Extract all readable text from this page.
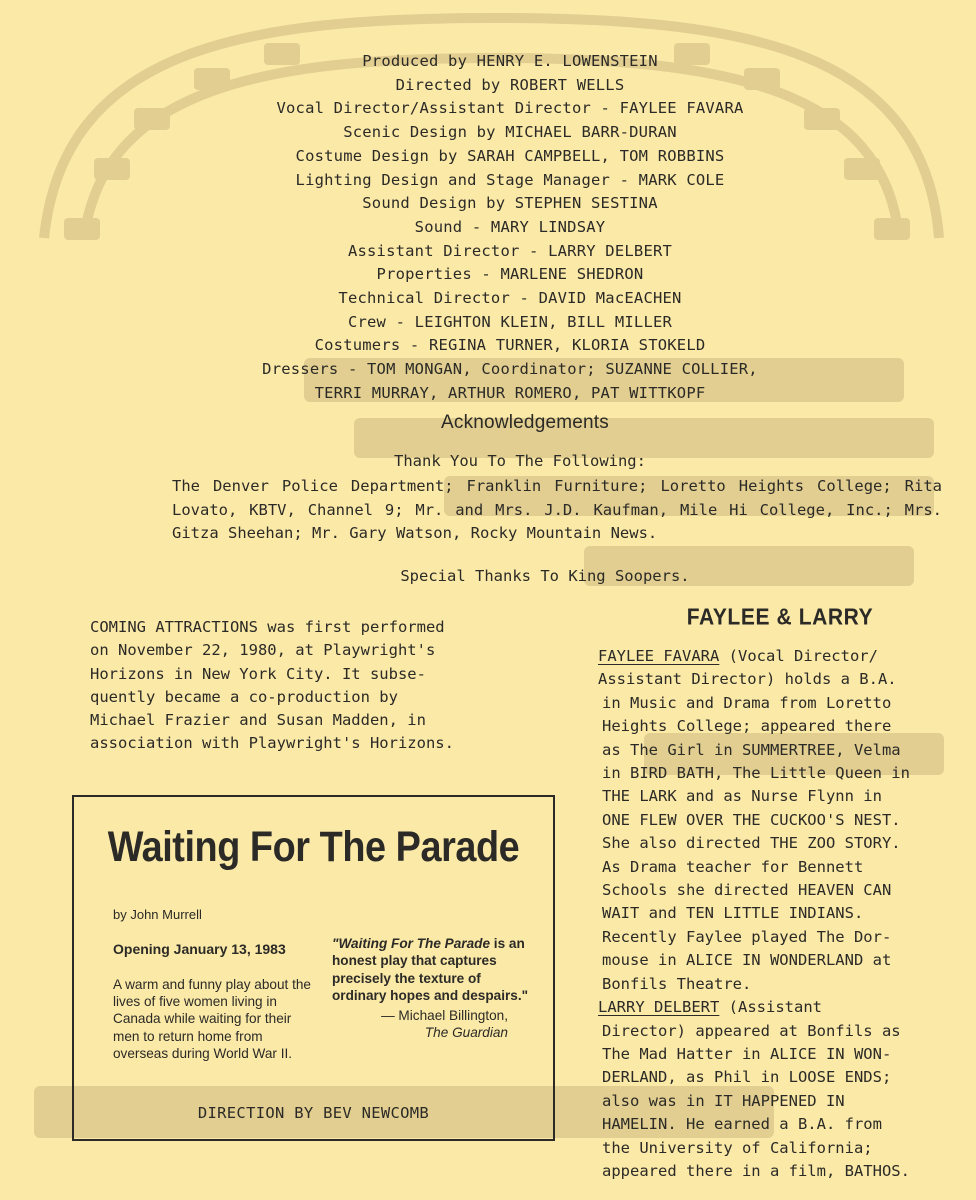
Produced by HENRY E. LOWENSTEIN
Directed by ROBERT WELLS
Vocal Director/Assistant Director - FAYLEE FAVARA
Scenic Design by MICHAEL BARR-DURAN
Costume Design by SARAH CAMPBELL, TOM ROBBINS
Lighting Design and Stage Manager - MARK COLE
Sound Design by STEPHEN SESTINA
Sound - MARY LINDSAY
Assistant Director - LARRY DELBERT
Properties - MARLENE SHEDRON
Technical Director - DAVID MacEACHEN
Crew - LEIGHTON KLEIN, BILL MILLER
Costumers - REGINA TURNER, KLORIA STOKELD
Dressers - TOM MONGAN, Coordinator; SUZANNE COLLIER,
TERRI MURRAY, ARTHUR ROMERO, PAT WITTKOPF
Acknowledgements
Thank You To The Following:
The Denver Police Department; Franklin Furniture; Loretto Heights College; Rita Lovato, KBTV, Channel 9; Mr. and Mrs. J.D. Kaufman, Mile Hi College, Inc.; Mrs. Gitza Sheehan; Mr. Gary Watson, Rocky Mountain News.
Special Thanks To King Soopers.
COMING ATTRACTIONS was first performed
on November 22, 1980, at Playwright's
Horizons in New York City. It subse-
quently became a co-production by
Michael Frazier and Susan Madden, in
association with Playwright's Horizons.
Waiting For The Parade
by John Murrell
Opening January 13, 1983
A warm and funny play about the lives of five women living in Canada while waiting for their men to return home from overseas during World War II.
"Waiting For The Parade is an honest play that captures precisely the texture of ordinary hopes and despairs."
— Michael Billington,
The Guardian
DIRECTION BY BEV NEWCOMB
FAYLEE & LARRY
FAYLEE FAVARA (Vocal Director/
Assistant Director) holds a B.A.
in Music and Drama from Loretto
Heights College; appeared there
as The Girl in SUMMERTREE, Velma
in BIRD BATH, The Little Queen in
THE LARK and as Nurse Flynn in
ONE FLEW OVER THE CUCKOO'S NEST.
She also directed THE ZOO STORY.
As Drama teacher for Bennett
Schools she directed HEAVEN CAN
WAIT and TEN LITTLE INDIANS.
Recently Faylee played The Dor-
mouse in ALICE IN WONDERLAND at
Bonfils Theatre.
LARRY DELBERT (Assistant
Director) appeared at Bonfils as
The Mad Hatter in ALICE IN WON-
DERLAND, as Phil in LOOSE ENDS;
also was in IT HAPPENED IN
HAMELIN. He earned a B.A. from
the University of California;
appeared there in a film, BATHOS.
